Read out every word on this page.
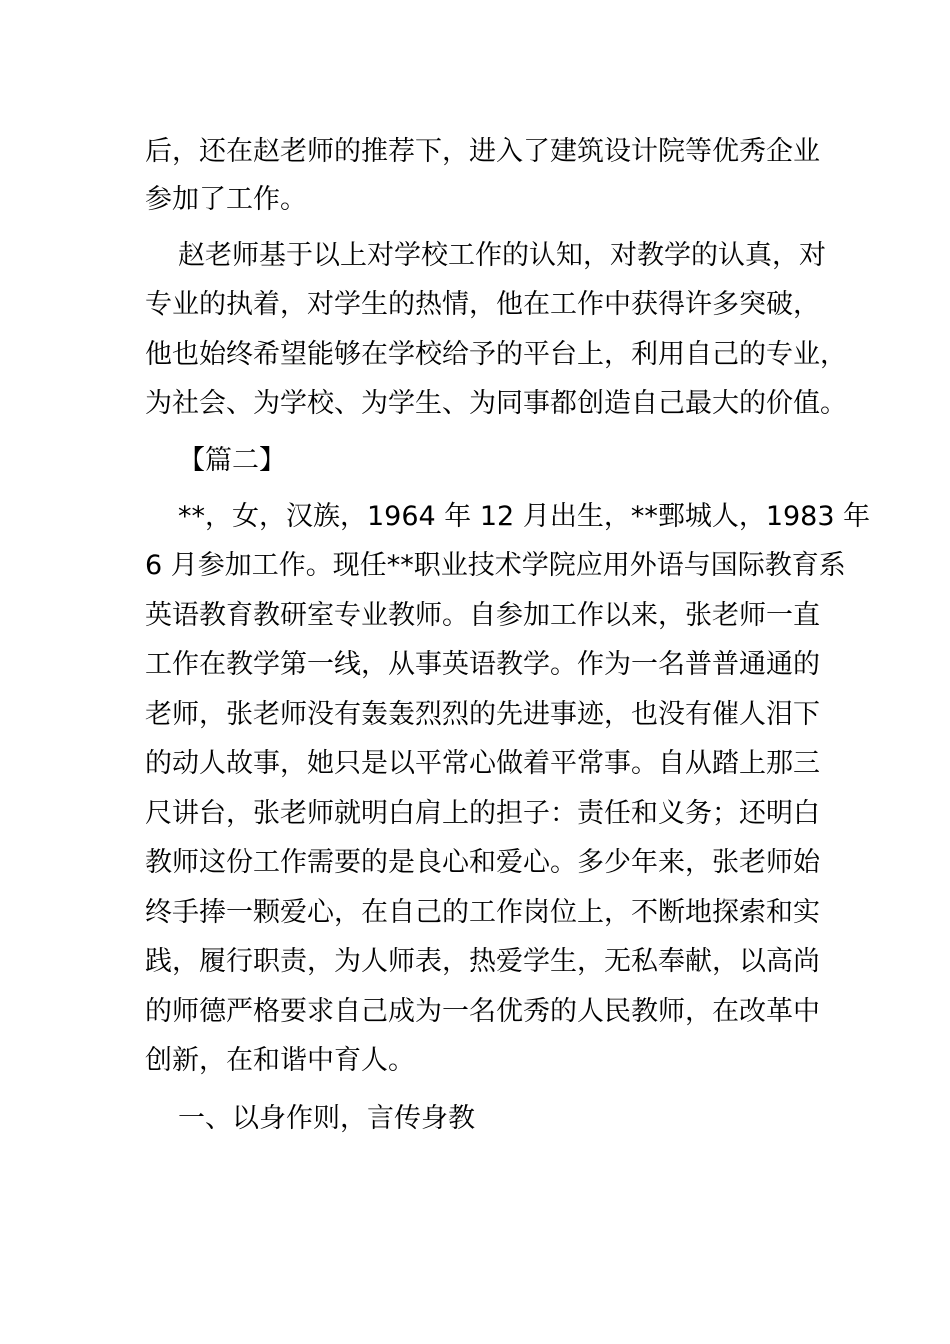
后，还在赵老师的推荐下，进入了建筑设计院等优秀企业
参加了工作。
赵老师基于以上对学校工作的认知，对教学的认真，对
专业的执着，对学生的热情，他在工作中获得许多突破，
他也始终希望能够在学校给予的平台上，利用自己的专业，
为社会、为学校、为学生、为同事都创造自己最大的价值。
【篇二】
**，女，汉族，1964 年 12 月出生，**鄄城人，1983 年
6 月参加工作。现任**职业技术学院应用外语与国际教育系
英语教育教研室专业教师。自参加工作以来，张老师一直
工作在教学第一线，从事英语教学。作为一名普普通通的
老师，张老师没有轰轰烈烈的先进事迹，也没有催人泪下
的动人故事，她只是以平常心做着平常事。自从踏上那三
尺讲台，张老师就明白肩上的担子：责任和义务；还明白
教师这份工作需要的是良心和爱心。多少年来，张老师始
终手捧一颗爱心，在自己的工作岗位上，不断地探索和实
践，履行职责，为人师表，热爱学生，无私奉献，以高尚
的师德严格要求自己成为一名优秀的人民教师，在改革中
创新，在和谐中育人。
一、以身作则，言传身教
